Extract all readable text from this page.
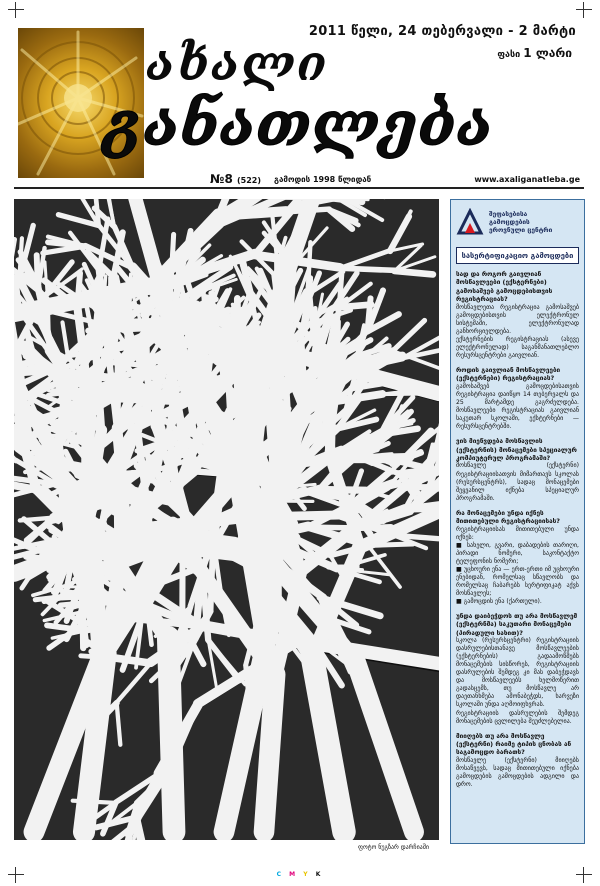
2011 წელი, 24 თებერვალი - 2 მარტი
ფასი 1 ლარი
ახალი
განათლება
№8 (522) გამოდის 1998 წლიდან	www.axaliganatleba.ge
ფოტო ნუგზარ დარჩიაში
შეფასებისა
გამოცდების
ეროვნული ცენტრი
სასერტიფიკაციო გამოცდები

სად და როგორ გაივლიან მოსწავლეები (ექსტერნები) გამოსაშვებ გამოცდებისთვის რეგისტრაციას?

მოსწავლეთა რეგისტრაცია გამოსაშვებ გამოცდებისთვის ელექტრონულ სისტემაში, ელექტრონულად განხორციელდება.

ექსტერნების რეგისტრაციას (ასევე ელექტრონულად) საგანმანათლებლო რესურსცენტრები გაივლიან.

როდის გაივლიან მოსწავლეები (ექსტერნები) რეგისტრაციას?

გამოსაშვებ გამოცდებისათვის რეგისტრაცია დაიწყო 14 თებერვალს და 25 მარტამდე გაგრძელდება. მოსწავლეები რეგისტრაციას გაივლიან საკუთარ სკოლაში, ექსტერნები — რესურსცენტრებში.

ვის მიეწვდება მოსწავლის (ექსტერნის) მონაცემები სპეციალურ კომპიუტერულ პროგრამაში?

მოსწავლე (ექსტერნი) რეგისტრაციისათვის მიმართავს სკოლას (რესურსცენტრს), სადაც მონაცემები შეყვანილ იქნება სპეციალურ პროგრამაში.

რა მონაცემები უნდა იქნეს მითითებული რეგისტრაციისას?

რეგისტრაციისას მითითებული უნდა იქნეს:

■ სახელი, გვარი, დაბადების თარიღი, პირადი ნომერი, საკონტაქტო ტელეფონის ნომერი;

■ უცხოური ენა — ერთ-ერთი იმ უცხოური ენებიდან, რომელსაც სწავლობს და რომელსაც ჩაბარებს სერტიფიკატ აქვს მოსწავლეს;

■ გამოცდის ენა (ქართული).

უნდა დაიბეჭდოს თუ არა მოსწავლემ (ექსტერნმა) საკუთარი მონაცემები (პირადული სახით)?

სკოლა (რესურსცენტრი) რეგისტრაციის დასრულებისთანავე მოსწავლეების (ექსტერნების) გადაამოწმებს მონაცემების სისწორეს, რეგისტრაციის დასრულების შემდეგ კი მას დაბეჭდავს და მოსწავლეებს ხელმოწერით გადასცემს, თუ მოსწავლე არ დაეთანხმება ამონაბეჭდს, ხარვეზი სკოლაში უნდა აღმოიფხვრას.

რეგისტრაციის დასრულების შემდეგ მონაცემების ცვლილება შეუძლებელია.

მიიღებს თუ არა მოსწავლე (ექსტერნი) რაიმე ტიპის ცნობას ან საგამოცდო ბარათს?

მოსწავლე (ექსტერნი) მიიღებს მოსაწვევს, სადაც მითითებული იქნება გამოცდების გამოცდების ადგილი და დრო.

C M Y K
